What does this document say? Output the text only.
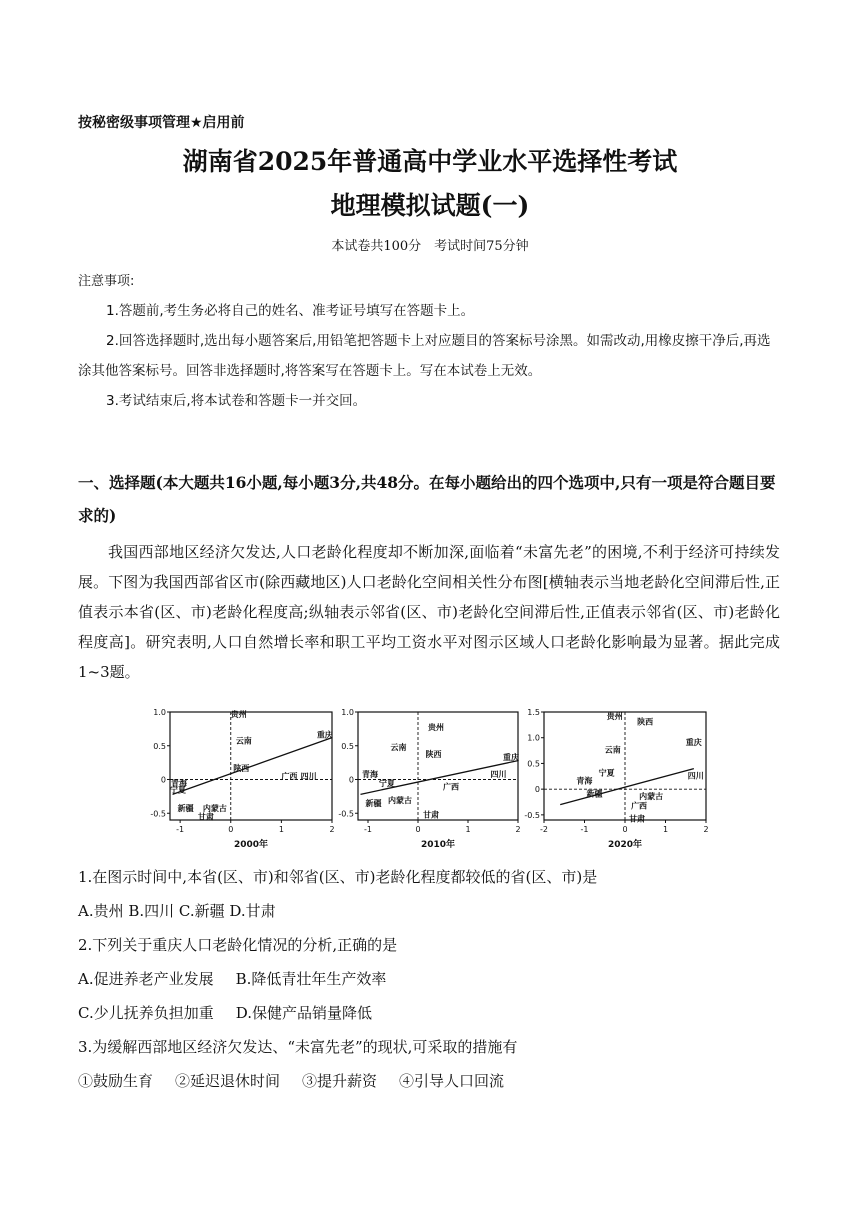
按秘密级事项管理★启用前
湖南省2025年普通高中学业水平选择性考试
地理模拟试题(一)
本试卷共100分　考试时间75分钟
注意事项:

1.答题前,考生务必将自己的姓名、准考证号填写在答题卡上。

2.回答选择题时,选出每小题答案后,用铅笔把答题卡上对应题目的答案标号涂黑。如需改动,用橡皮擦干净后,再选涂其他答案标号。回答非选择题时,将答案写在答题卡上。写在本试卷上无效。

3.考试结束后,将本试卷和答题卡一并交回。

一、选择题(本大题共16小题,每小题3分,共48分。在每小题给出的四个选项中,只有一项是符合题目要求的)

我国西部地区经济欠发达,人口老龄化程度却不断加深,面临着“未富先老”的困境,不利于经济可持续发展。下图为我国西部省区市(除西藏地区)人口老龄化空间相关性分布图[横轴表示当地老龄化空间滞后性,正值表示本省(区、市)老龄化程度高;纵轴表示邻省(区、市)老龄化空间滞后性,正值表示邻省(区、市)老龄化程度高]。研究表明,人口自然增长率和职工平均工资水平对图示区域人口老龄化影响最为显著。据此完成1~3题。

-1	0	1	2
-0.5
0
0.5
1.0	贵州
云南
陕西
重庆
广西 四川
青海
宁夏
新疆 内蒙古
甘肃
2000年
-1	0	1	2
-0.5
0
0.5
1.0
贵州
云南
陕西	重庆
四川
广西
青海
宁夏
新疆 内蒙古
甘肃
2010年
-2	-1	0	1	2
-0.5
0
0.5
1.0
1.5	贵州
陕西
重庆
云南
宁夏
青海
四川
新疆	内蒙古
广西
甘肃
2020年

1.在图示时间中,本省(区、市)和邻省(区、市)老龄化程度都较低的省(区、市)是

A.贵州 B.四川 C.新疆 D.甘肃

2.下列关于重庆人口老龄化情况的分析,正确的是

A.促进养老产业发展 B.降低青壮年生产效率

C.少儿抚养负担加重 D.保健产品销量降低

3.为缓解西部地区经济欠发达、“未富先老”的现状,可采取的措施有

①鼓励生育 ②延迟退休时间 ③提升薪资 ④引导人口回流
